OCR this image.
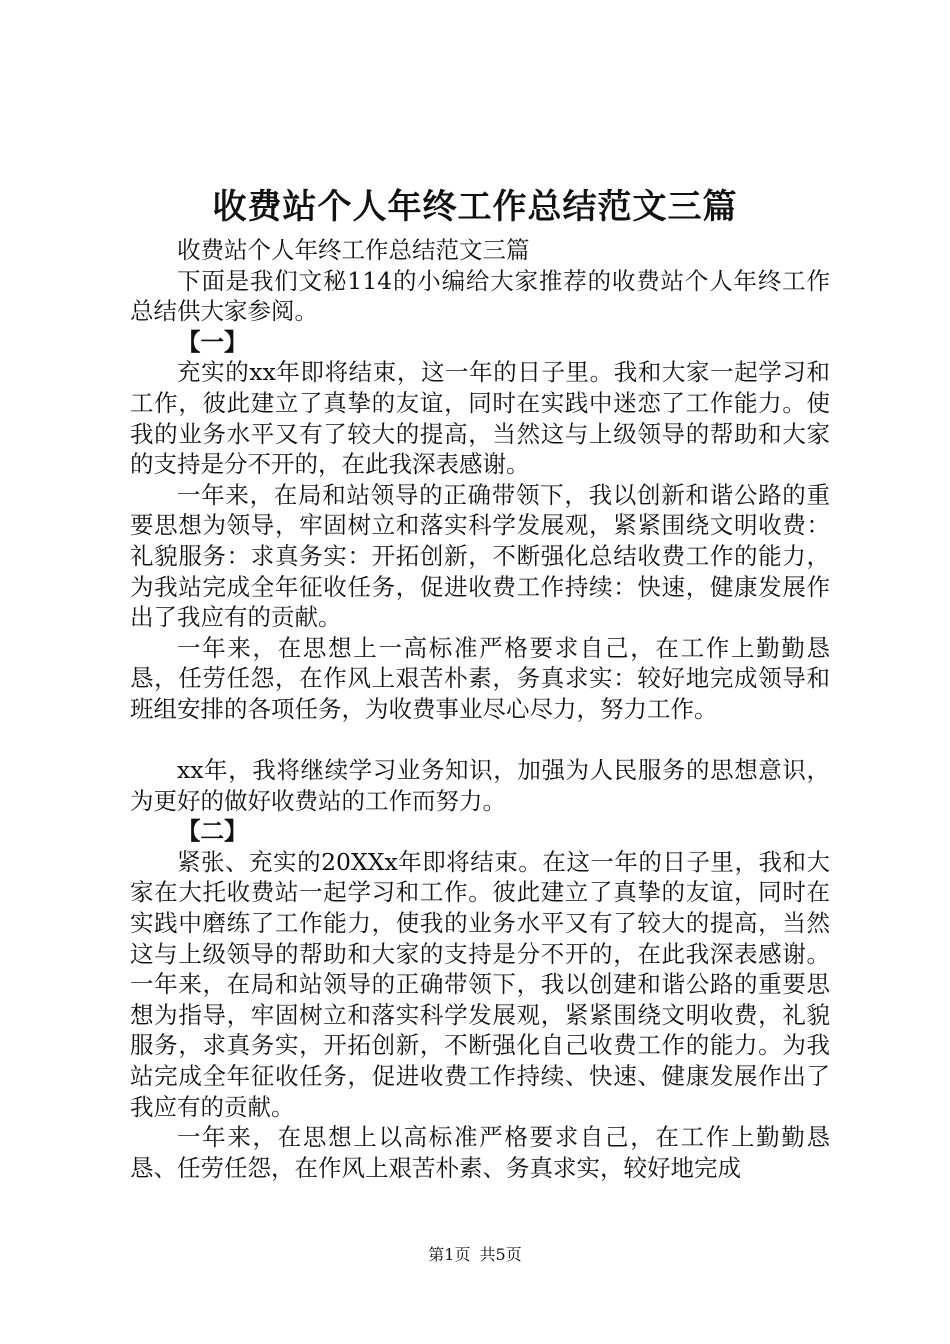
收费站个人年终工作总结范文三篇

收费站个人年终工作总结范文三篇

下面是我们文秘114的小编给大家推荐的收费站个人年终工作总结供大家参阅。

【一】

充实的xx年即将结束，这一年的日子里。我和大家一起学习和工作，彼此建立了真挚的友谊，同时在实践中迷恋了工作能力。使我的业务水平又有了较大的提高，当然这与上级领导的帮助和大家的支持是分不开的，在此我深表感谢。

一年来，在局和站领导的正确带领下，我以创新和谐公路的重要思想为领导，牢固树立和落实科学发展观，紧紧围绕文明收费：礼貌服务：求真务实：开拓创新，不断强化总结收费工作的能力，为我站完成全年征收任务，促进收费工作持续：快速，健康发展作出了我应有的贡献。

一年来，在思想上一高标准严格要求自己，在工作上勤勤恳恳，任劳任怨，在作风上艰苦朴素，务真求实：较好地完成领导和班组安排的各项任务，为收费事业尽心尽力，努力工作。

xx年，我将继续学习业务知识，加强为人民服务的思想意识，为更好的做好收费站的工作而努力。

【二】

紧张、充实的20XXx年即将结束。在这一年的日子里，我和大家在大托收费站一起学习和工作。彼此建立了真挚的友谊，同时在实践中磨练了工作能力，使我的业务水平又有了较大的提高，当然这与上级领导的帮助和大家的支持是分不开的，在此我深表感谢。一年来，在局和站领导的正确带领下，我以创建和谐公路的重要思想为指导，牢固树立和落实科学发展观，紧紧围绕文明收费，礼貌服务，求真务实，开拓创新，不断强化自己收费工作的能力。为我站完成全年征收任务，促进收费工作持续、快速、健康发展作出了我应有的贡献。

一年来，在思想上以高标准严格要求自己，在工作上勤勤恳恳、任劳任怨，在作风上艰苦朴素、务真求实，较好地完成

第1页 共5页
